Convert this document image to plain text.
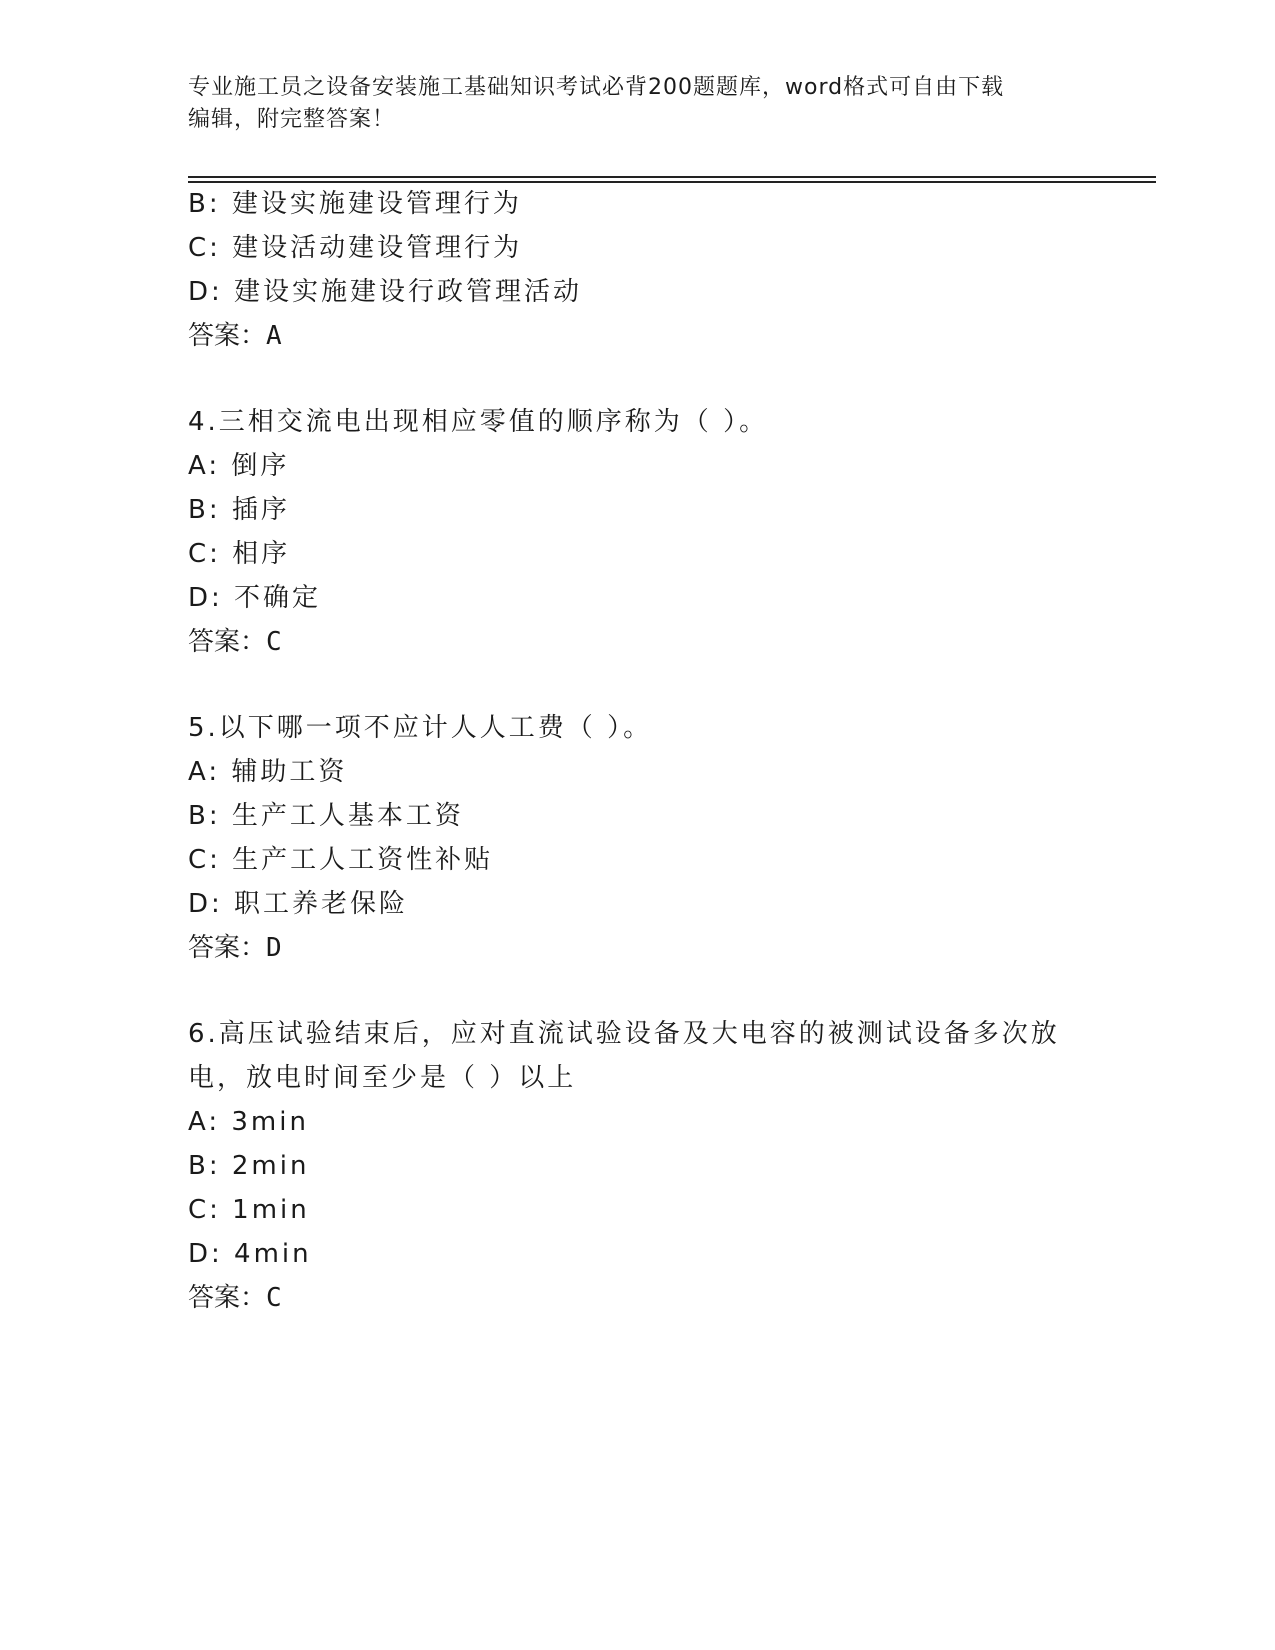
专业施工员之设备安装施工基础知识考试必背200题题库，word格式可自由下载
编辑，附完整答案！
B: 建设实施建设管理行为
C: 建设活动建设管理行为
D: 建设实施建设行政管理活动
答案：A
4.三相交流电出现相应零值的顺序称为（ ）。
A: 倒序
B: 插序
C: 相序
D: 不确定
答案：C
5.以下哪一项不应计人人工费（ ）。
A: 辅助工资
B: 生产工人基本工资
C: 生产工人工资性补贴
D: 职工养老保险
答案：D
6.高压试验结束后，应对直流试验设备及大电容的被测试设备多次放
电，放电时间至少是（ ）以上
A: 3min
B: 2min
C: 1min
D: 4min
答案：C
